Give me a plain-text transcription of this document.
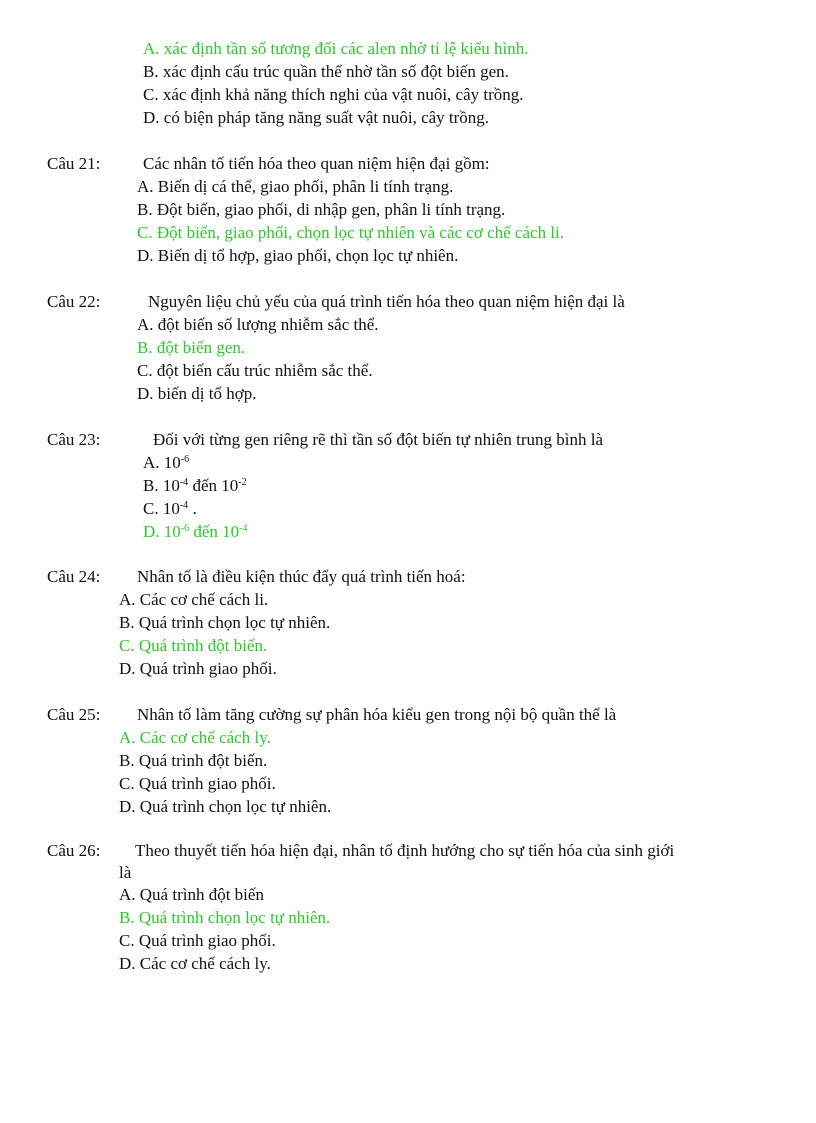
A. xác định tần số tương đối các alen nhờ tỉ lệ kiểu hình.
B. xác định cấu trúc quần thể nhờ tần số đột biến gen.
C. xác định khả năng thích nghi của vật nuôi, cây trồng.
D. có biện pháp tăng năng suất vật nuôi, cây trồng.
Câu 21:	Các nhân tố tiến hóa theo quan niệm hiện đại gồm:
A. Biến dị cá thể, giao phối, phân li tính trạng.
B. Đột biến, giao phối, di nhập gen, phân li tính trạng.
C. Đột biến, giao phối, chọn lọc tự nhiên và các cơ chế cách li.
D. Biến dị tổ hợp, giao phối, chọn lọc tự nhiên.
Câu 22:	Nguyên liệu chủ yếu của quá trình tiến hóa theo quan niệm hiện đại là
A. đột biến số lượng nhiễm sắc thể.
B. đột biến gen.
C. đột biến cấu trúc nhiễm sắc thể.
D. biến dị tổ hợp.
Câu 23:	Đối với từng gen riêng rẽ thì tần số đột biến tự nhiên trung bình là
A. $10^{-6}$
B. $10^{-4}$ đến $10^{-2}$
C. $10^{-4}$ .
D. $10^{-6}$ đến $10^{-4}$
Câu 24: Nhân tố là điều kiện thúc đẩy quá trình tiến hoá:
A. Các cơ chế cách li.
B. Quá trình chọn lọc tự nhiên.
C. Quá trình đột biến.
D. Quá trình giao phối.
Câu 25: Nhân tố làm tăng cường sự phân hóa kiểu gen trong nội bộ quần thể là
A. Các cơ chế cách ly.
B. Quá trình đột biến.
C. Quá trình giao phối.
D. Quá trình chọn lọc tự nhiên.
Câu 26: Theo thuyết tiến hóa hiện đại, nhân tố định hướng cho sự tiến hóa của sinh giới
là
A. Quá trình đột biến
B. Quá trình chọn lọc tự nhiên.
C. Quá trình giao phối.
D. Các cơ chế cách ly.
